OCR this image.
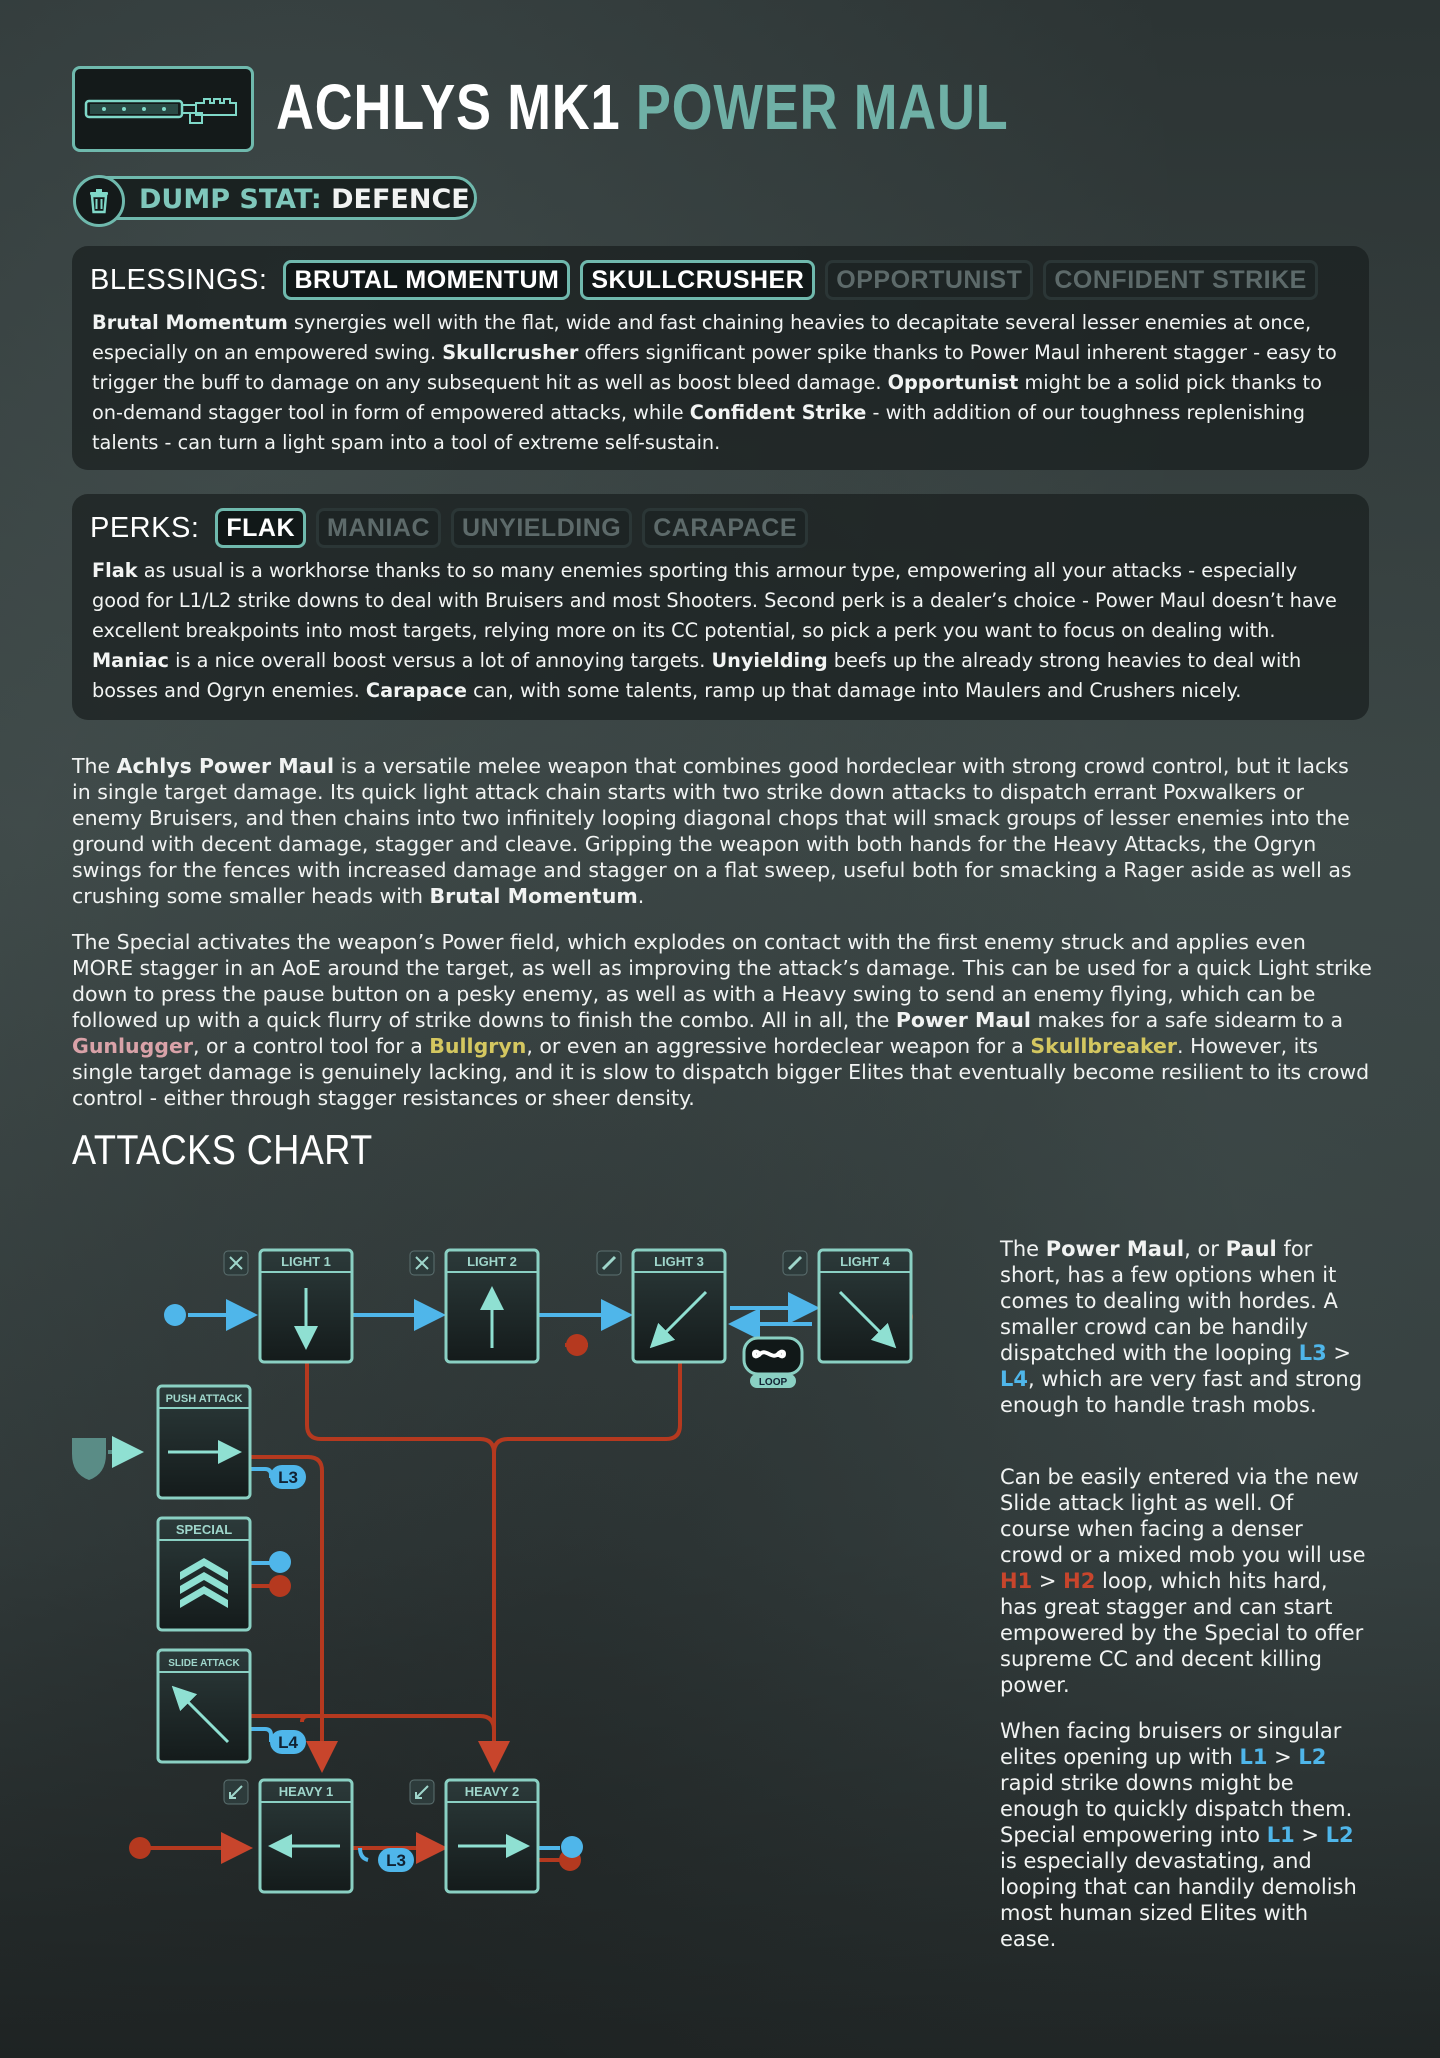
ACHLYS MK1 POWER MAUL
DUMP STAT: DEFENCE
BLESSINGS:	BRUTAL MOMENTUM	SKULLCRUSHER	OPPORTUNIST	CONFIDENT STRIKE
Brutal Momentum synergies well with the flat, wide and fast chaining heavies to decapitate several lesser enemies at once, especially on an empowered swing. Skullcrusher offers significant power spike thanks to Power Maul inherent stagger - easy to trigger the buff to damage on any subsequent hit as well as boost bleed damage. Opportunist might be a solid pick thanks to on-demand stagger tool in form of empowered attacks, while Confident Strike - with addition of our toughness replenishing talents - can turn a light spam into a tool of extreme self-sustain.
PERKS:	FLAK	MANIAC	UNYIELDING	CARAPACE
Flak as usual is a workhorse thanks to so many enemies sporting this armour type, empowering all your attacks - especially good for L1/L2 strike downs to deal with Bruisers and most Shooters. Second perk is a dealer’s choice - Power Maul doesn’t have excellent breakpoints into most targets, relying more on its CC potential, so pick a perk you want to focus on dealing with. Maniac is a nice overall boost versus a lot of annoying targets. Unyielding beefs up the already strong heavies to deal with bosses and Ogryn enemies. Carapace can, with some talents, ramp up that damage into Maulers and Crushers nicely.
The Achlys Power Maul is a versatile melee weapon that combines good hordeclear with strong crowd control, but it lacks in single target damage. Its quick light attack chain starts with two strike down attacks to dispatch errant Poxwalkers or enemy Bruisers, and then chains into two infinitely looping diagonal chops that will smack groups of lesser enemies into the ground with decent damage, stagger and cleave. Gripping the weapon with both hands for the Heavy Attacks, the Ogryn swings for the fences with increased damage and stagger on a flat sweep, useful both for smacking a Rager aside as well as crushing some smaller heads with Brutal Momentum.
The Special activates the weapon’s Power field, which explodes on contact with the first enemy struck and applies even MORE stagger in an AoE around the target, as well as improving the attack’s damage. This can be used for a quick Light strike down to press the pause button on a pesky enemy, as well as with a Heavy swing to send an enemy flying, which can be followed up with a quick flurry of strike downs to finish the combo. All in all, the Power Maul makes for a safe sidearm to a Gunlugger, or a control tool for a Bullgryn, or even an aggressive hordeclear weapon for a Skullbreaker. However, its single target damage is genuinely lacking, and it is slow to dispatch bigger Elites that eventually become resilient to its crowd control - either through stagger resistances or sheer density.
ATTACKS CHART
L3
L4
L3
LOOP
LIGHT 1	LIGHT 2	LIGHT 3	LIGHT 4
PUSH ATTACK
SPECIAL
SLIDE ATTACK
HEAVY 1	HEAVY 2
The Power Maul, or Paul for short, has a few options when it comes to dealing with hordes. A smaller crowd can be handily dispatched with the looping L3 > L4, which are very fast and strong enough to handle trash mobs.
Can be easily entered via the new Slide attack light as well. Of course when facing a denser crowd or a mixed mob you will use H1 > H2 loop, which hits hard, has great stagger and can start empowered by the Special to offer supreme CC and decent killing power.
When facing bruisers or singular elites opening up with L1 > L2 rapid strike downs might be enough to quickly dispatch them. Special empowering into L1 > L2 is especially devastating, and looping that can handily demolish most human sized Elites with ease.
